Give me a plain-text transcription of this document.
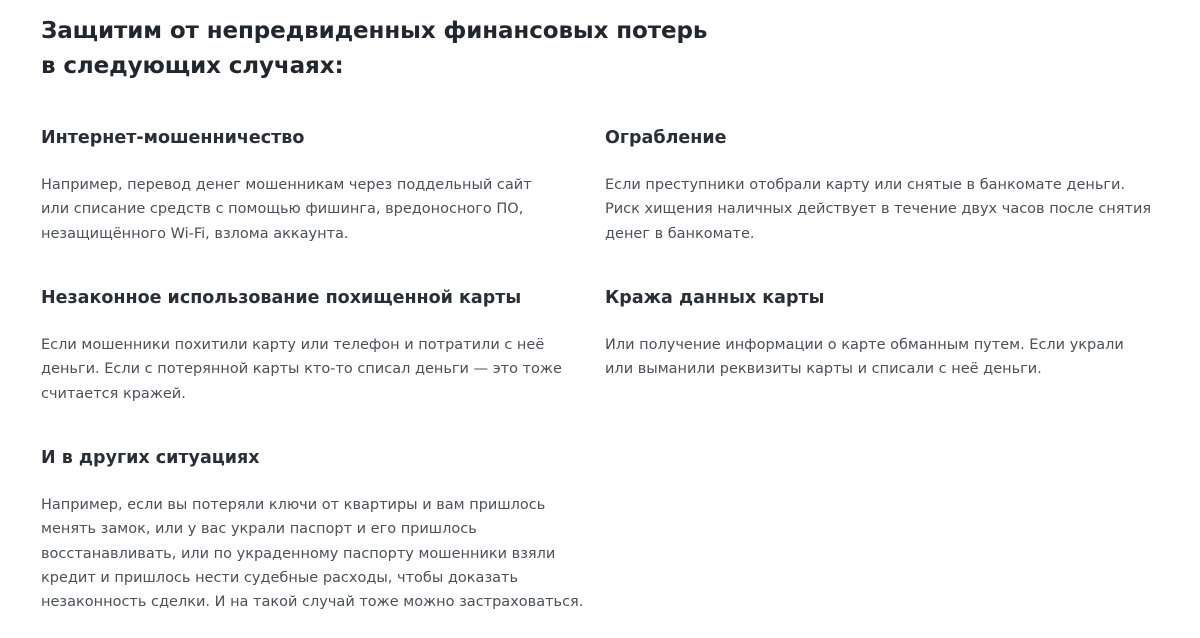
Защитим от непредвиденных финансовых потерь
в следующих случаях:
Интернет-мошенничество

Например, перевод денег мошенникам через поддельный сайт
или списание средств с помощью фишинга, вредоносного ПО,
незащищённого Wi-Fi, взлома аккаунта.

Ограбление

Если преступники отобрали карту или снятые в банкомате деньги.
Риск хищения наличных действует в течение двух часов после снятия
денег в банкомате.

Незаконное использование похищенной карты

Если мошенники похитили карту или телефон и потратили с неё
деньги. Если с потерянной карты кто-то списал деньги — это тоже
считается кражей.

Кража данных карты

Или получение информации о карте обманным путем. Если украли
или выманили реквизиты карты и списали с неё деньги.

И в других ситуациях

Например, если вы потеряли ключи от квартиры и вам пришлось
менять замок, или у вас украли паспорт и его пришлось
восстанавливать, или по украденному паспорту мошенники взяли
кредит и пришлось нести судебные расходы, чтобы доказать
незаконность сделки. И на такой случай тоже можно застраховаться.
